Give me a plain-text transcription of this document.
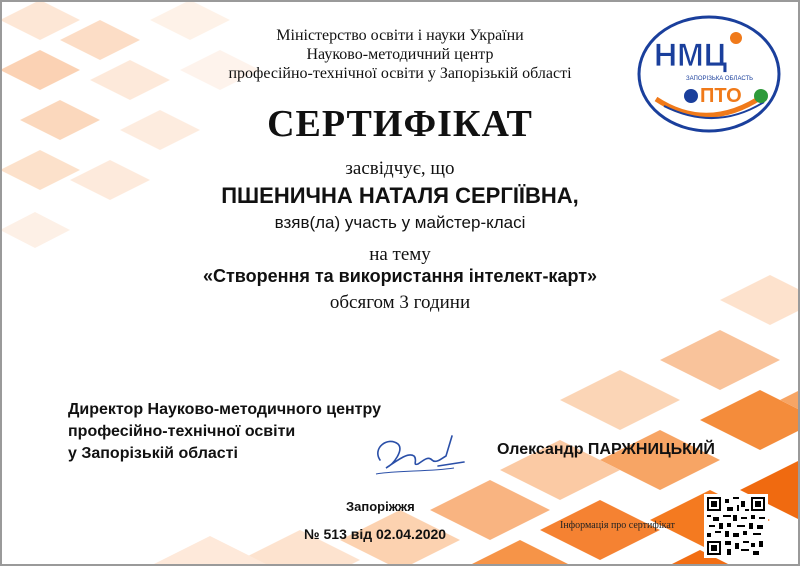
НМЦ
ЗАПОРІЗЬКА ОБЛАСТЬ
ПТО
Міністерство освіти і науки України
Науково-методичний центр
професійно-технічної освіти у Запорізькій області
СЕРТИФІКАТ
засвідчує, що
ПШЕНИЧНА НАТАЛЯ СЕРГІЇВНА,
взяв(ла) участь у майстер-класі
на тему
«Створення та використання інтелект-карт»
обсягом 3 години
Директор Науково-методичного центру
професійно-технічної освіти
у Запорізькій області	Олександр ПАРЖНИЦЬКИЙ
Запоріжжя
№ 513 від 02.04.2020
Інформація про сертифікат
